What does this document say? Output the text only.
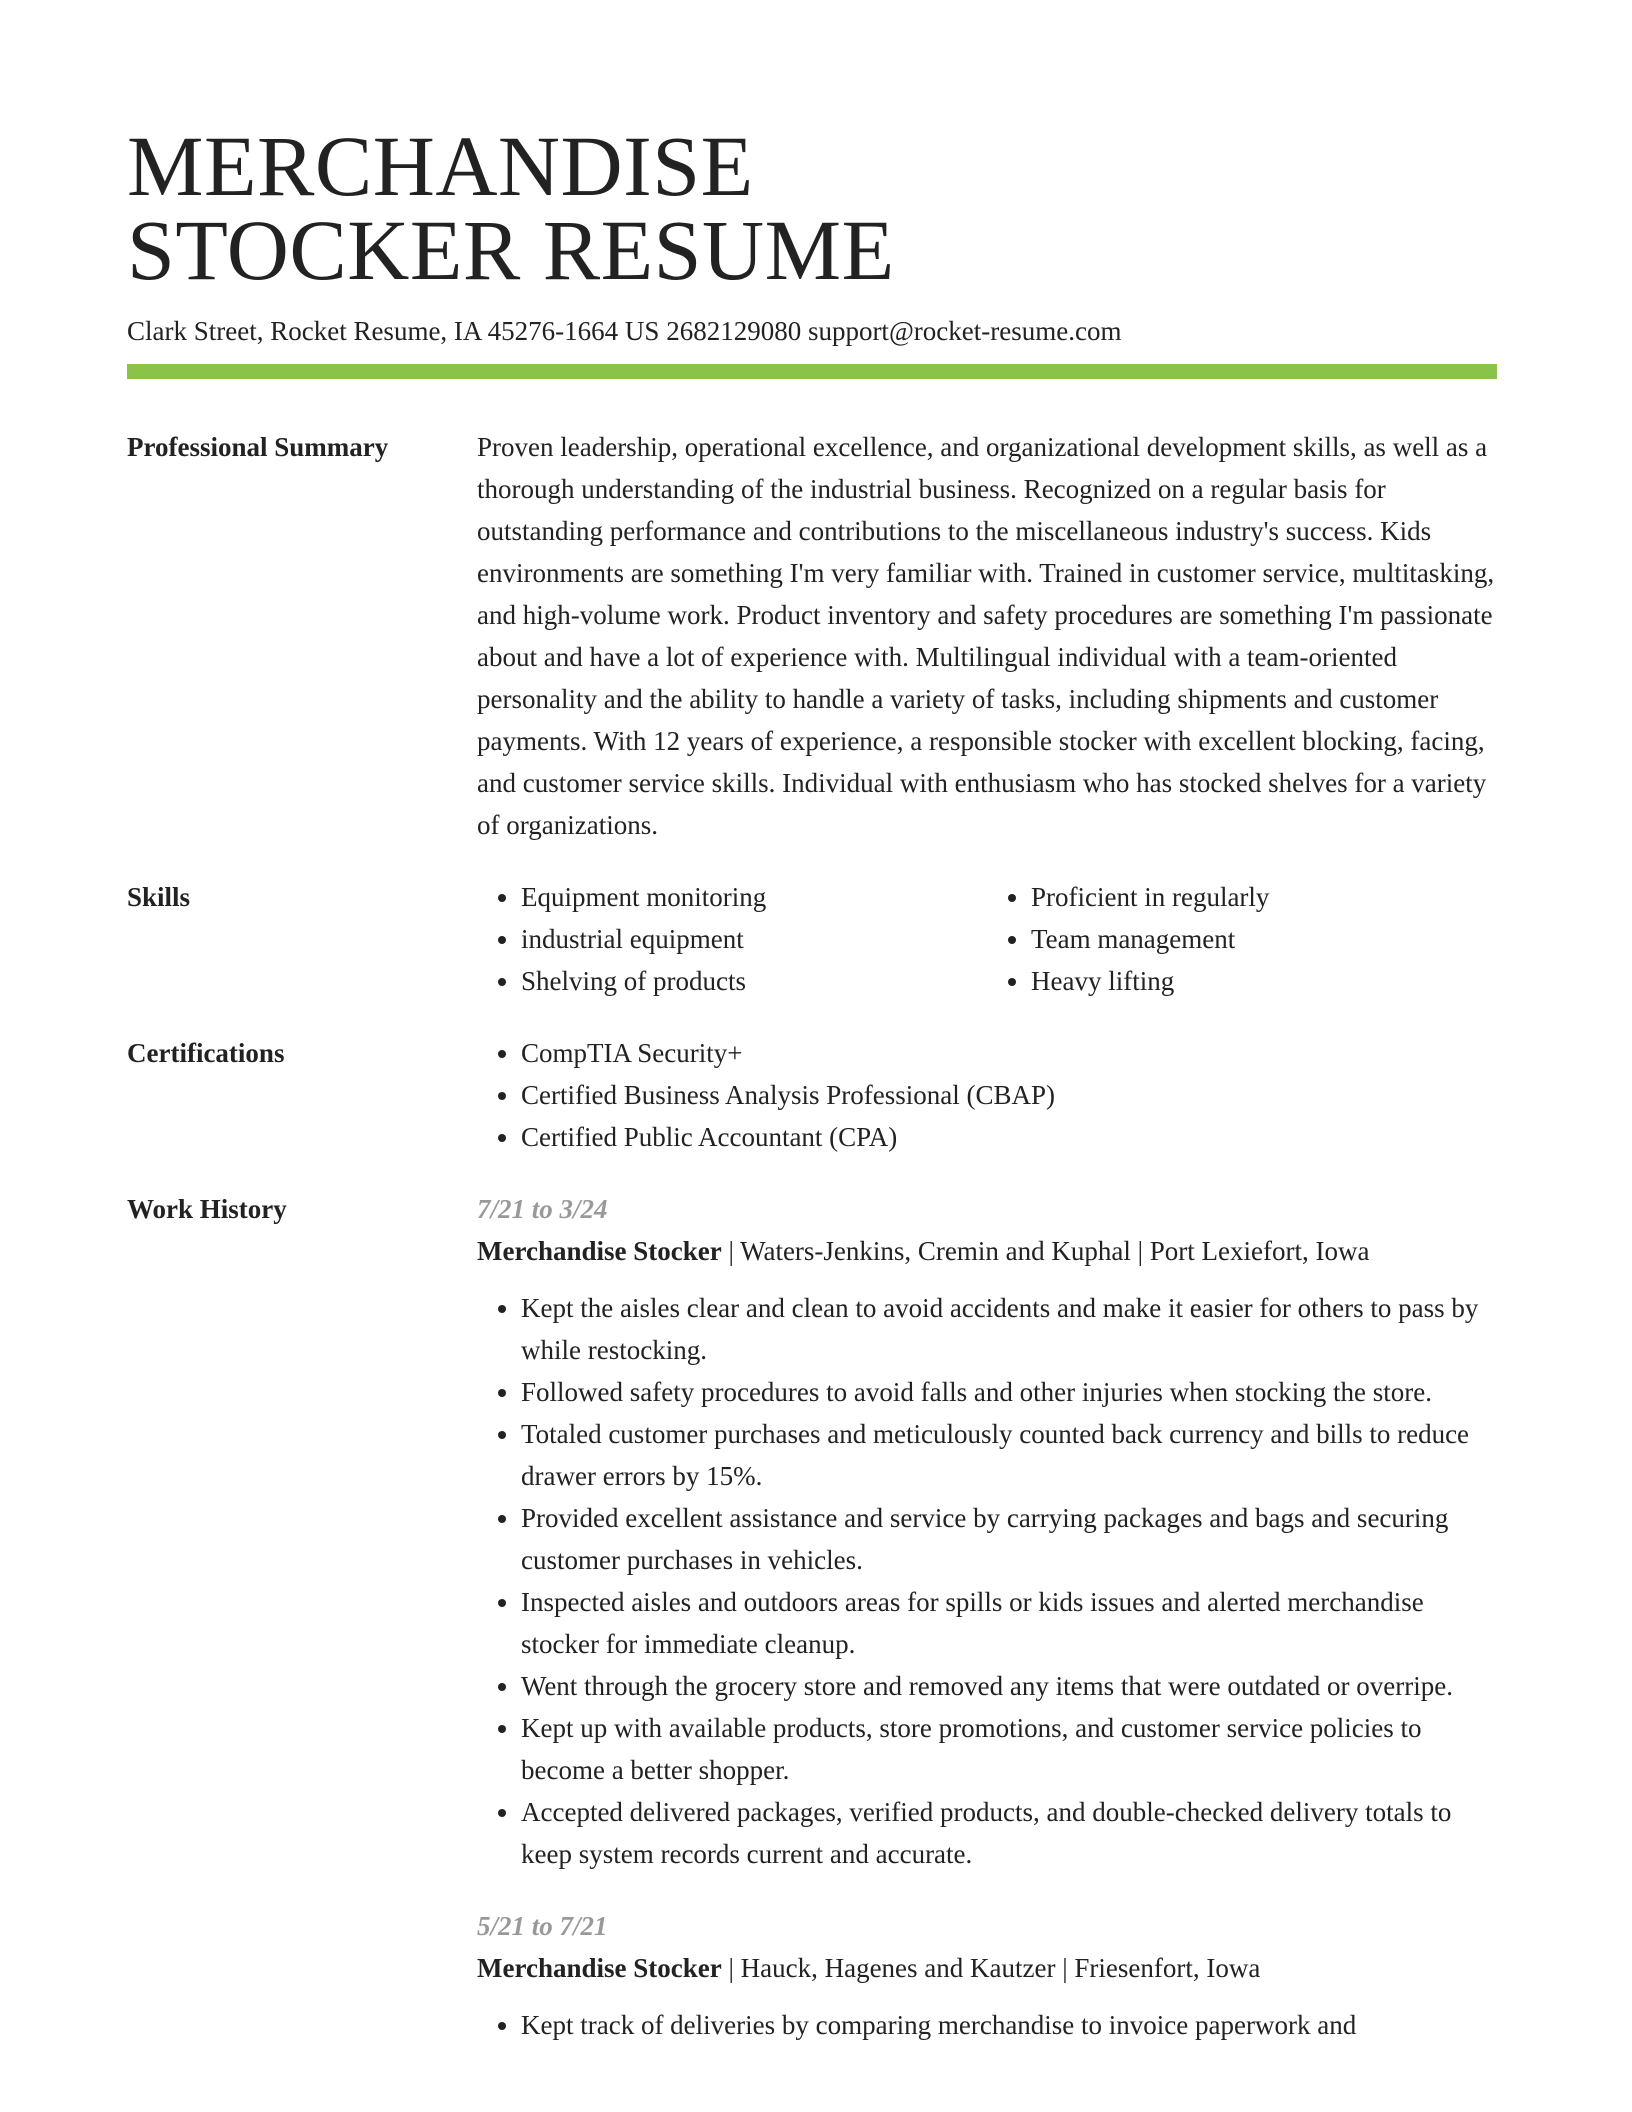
MERCHANDISE
STOCKER RESUME
Clark Street, Rocket Resume, IA 45276-1664 US 2682129080 support@rocket-resume.com
Professional Summary	Proven leadership, operational excellence, and organizational development skills, as well as a thorough understanding of the industrial business. Recognized on a regular basis for outstanding performance and contributions to the miscellaneous industry's success. Kids environments are something I'm very familiar with. Trained in customer service, multitasking, and high-volume work. Product inventory and safety procedures are something I'm passionate about and have a lot of experience with. Multilingual individual with a team-oriented personality and the ability to handle a variety of tasks, including shipments and customer payments. With 12 years of experience, a responsible stocker with excellent blocking, facing, and customer service skills. Individual with enthusiasm who has stocked shelves for a variety of organizations.
Skills	• Equipment monitoring
• industrial equipment
• Shelving of products
• Proficient in regularly
• Team management
• Heavy lifting
Certifications	• CompTIA Security+
• Certified Business Analysis Professional (CBAP)
• Certified Public Accountant (CPA)
Work History	7/21 to 3/24
Merchandise Stocker | Waters-Jenkins, Cremin and Kuphal | Port Lexiefort, Iowa
• Kept the aisles clear and clean to avoid accidents and make it easier for others to pass by while restocking.
• Followed safety procedures to avoid falls and other injuries when stocking the store.
• Totaled customer purchases and meticulously counted back currency and bills to reduce drawer errors by 15%.
• Provided excellent assistance and service by carrying packages and bags and securing customer purchases in vehicles.
• Inspected aisles and outdoors areas for spills or kids issues and alerted merchandise stocker for immediate cleanup.
• Went through the grocery store and removed any items that were outdated or overripe.
• Kept up with available products, store promotions, and customer service policies to become a better shopper.
• Accepted delivered packages, verified products, and double-checked delivery totals to keep system records current and accurate.
5/21 to 7/21
Merchandise Stocker | Hauck, Hagenes and Kautzer | Friesenfort, Iowa
• Kept track of deliveries by comparing merchandise to invoice paperwork and
